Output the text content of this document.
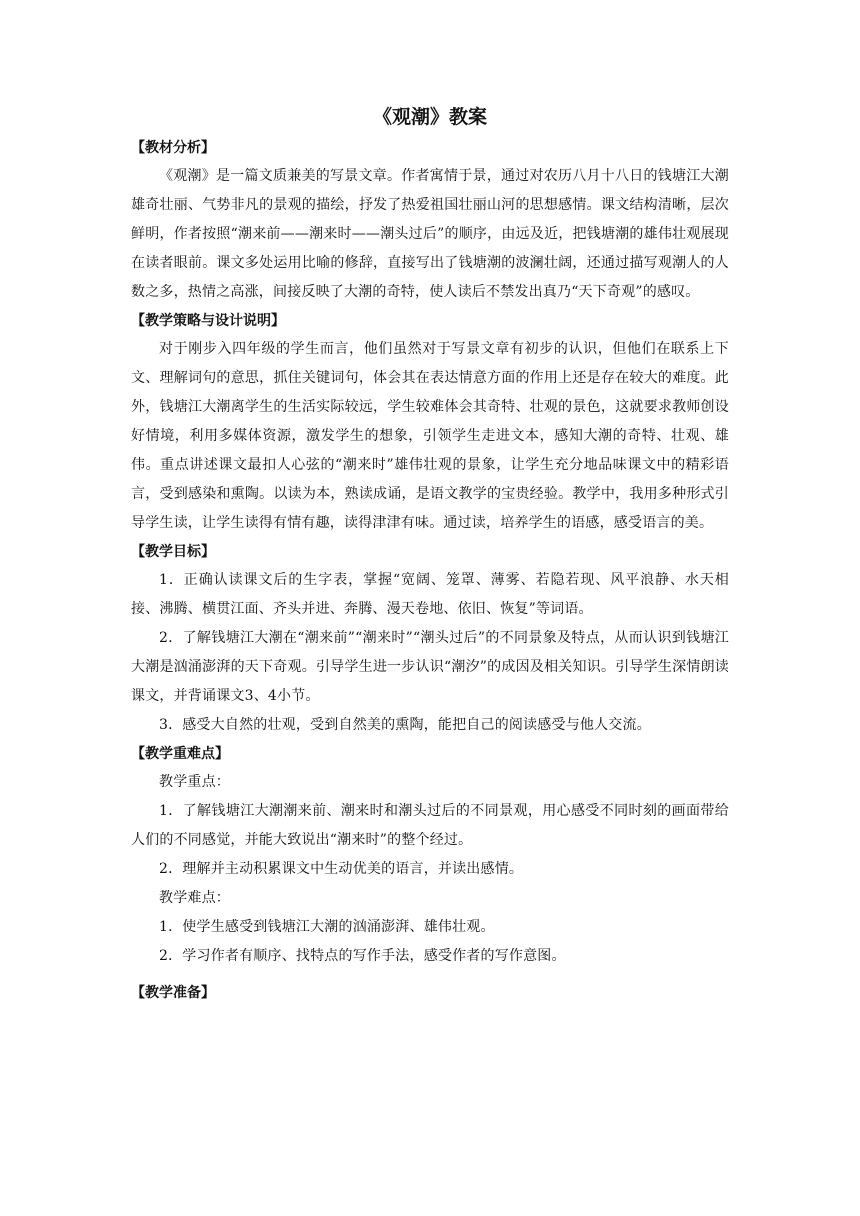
《观潮》教案
【教材分析】

《观潮》是一篇文质兼美的写景文章。作者寓情于景，通过对农历八月十八日的钱塘江大潮雄奇壮丽、气势非凡的景观的描绘，抒发了热爱祖国壮丽山河的思想感情。课文结构清晰，层次鲜明，作者按照“潮来前——潮来时——潮头过后”的顺序，由远及近，把钱塘潮的雄伟壮观展现在读者眼前。课文多处运用比喻的修辞，直接写出了钱塘潮的波澜壮阔，还通过描写观潮人的人数之多，热情之高涨，间接反映了大潮的奇特，使人读后不禁发出真乃“天下奇观”的感叹。

【教学策略与设计说明】

对于刚步入四年级的学生而言，他们虽然对于写景文章有初步的认识，但他们在联系上下文、理解词句的意思，抓住关键词句，体会其在表达情意方面的作用上还是存在较大的难度。此外，钱塘江大潮离学生的生活实际较远，学生较难体会其奇特、壮观的景色，这就要求教师创设好情境，利用多媒体资源，激发学生的想象，引领学生走进文本，感知大潮的奇特、壮观、雄伟。重点讲述课文最扣人心弦的“潮来时”雄伟壮观的景象，让学生充分地品味课文中的精彩语言，受到感染和熏陶。以读为本，熟读成诵，是语文教学的宝贵经验。教学中，我用多种形式引导学生读，让学生读得有情有趣，读得津津有味。通过读，培养学生的语感，感受语言的美。

【教学目标】

1．正确认读课文后的生字表，掌握“宽阔、笼罩、薄雾、若隐若现、风平浪静、水天相接、沸腾、横贯江面、齐头并进、奔腾、漫天卷地、依旧、恢复”等词语。

2．了解钱塘江大潮在“潮来前”“潮来时”“潮头过后”的不同景象及特点，从而认识到钱塘江大潮是汹涌澎湃的天下奇观。引导学生进一步认识“潮汐”的成因及相关知识。引导学生深情朗读课文，并背诵课文3、4小节。

3．感受大自然的壮观，受到自然美的熏陶，能把自己的阅读感受与他人交流。

【教学重难点】

教学重点：

1．了解钱塘江大潮潮来前、潮来时和潮头过后的不同景观，用心感受不同时刻的画面带给人们的不同感觉，并能大致说出“潮来时”的整个经过。

2．理解并主动积累课文中生动优美的语言，并读出感情。

教学难点：

1．使学生感受到钱塘江大潮的汹涌澎湃、雄伟壮观。

2．学习作者有顺序、找特点的写作手法，感受作者的写作意图。

【教学准备】
